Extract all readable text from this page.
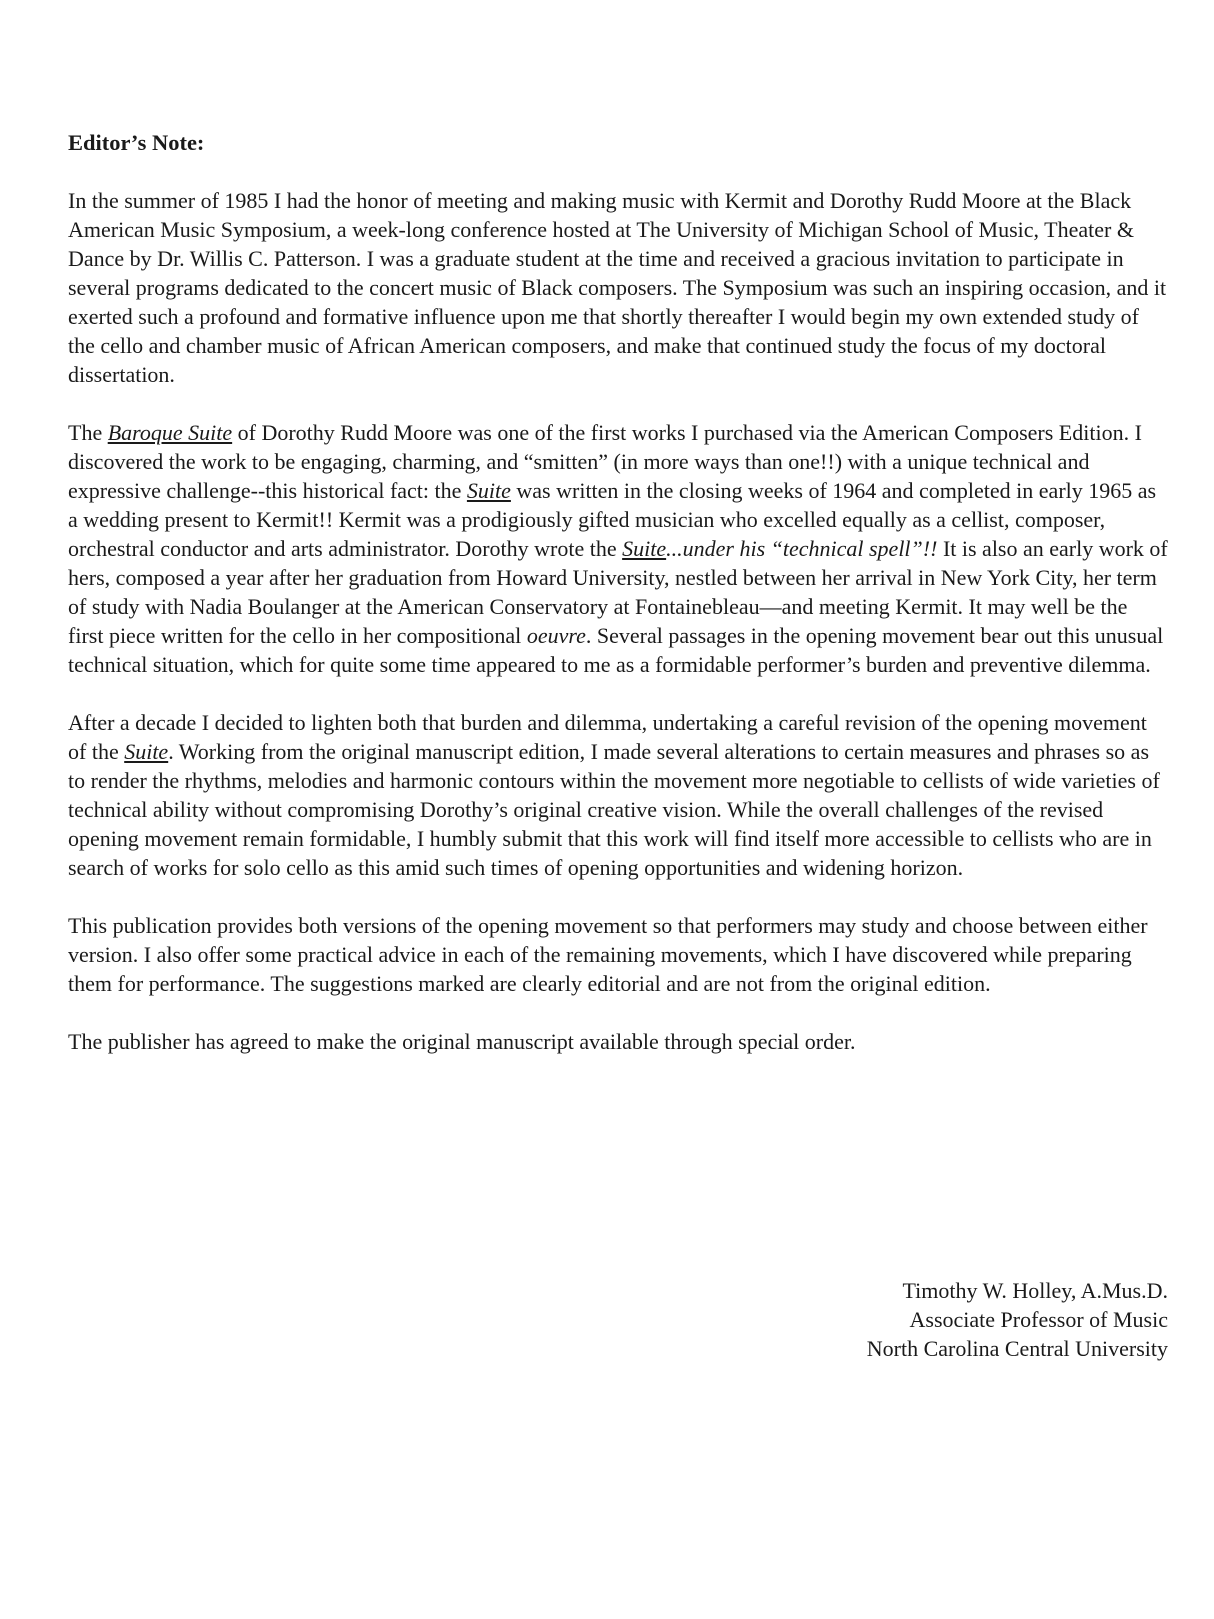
Editor’s Note:

In the summer of 1985 I had the honor of meeting and making music with Kermit and Dorothy Rudd Moore at the Black American Music Symposium, a week-long conference hosted at The University of Michigan School of Music, Theater & Dance by Dr. Willis C. Patterson. I was a graduate student at the time and received a gracious invitation to participate in several programs dedicated to the concert music of Black composers. The Symposium was such an inspiring occasion, and it exerted such a profound and formative influence upon me that shortly thereafter I would begin my own extended study of the cello and chamber music of African American composers, and make that continued study the focus of my doctoral dissertation.

The Baroque Suite of Dorothy Rudd Moore was one of the first works I purchased via the American Composers Edition. I discovered the work to be engaging, charming, and “smitten” (in more ways than one!!) with a unique technical and expressive challenge--this historical fact: the Suite was written in the closing weeks of 1964 and completed in early 1965 as a wedding present to Kermit!! Kermit was a prodigiously gifted musician who excelled equally as a cellist, composer, orchestral conductor and arts administrator. Dorothy wrote the Suite...under his “technical spell”!! It is also an early work of hers, composed a year after her graduation from Howard University, nestled between her arrival in New York City, her term of study with Nadia Boulanger at the American Conservatory at Fontainebleau—and meeting Kermit. It may well be the first piece written for the cello in her compositional oeuvre. Several passages in the opening movement bear out this unusual technical situation, which for quite some time appeared to me as a formidable performer’s burden and preventive dilemma.

After a decade I decided to lighten both that burden and dilemma, undertaking a careful revision of the opening movement of the Suite. Working from the original manuscript edition, I made several alterations to certain measures and phrases so as to render the rhythms, melodies and harmonic contours within the movement more negotiable to cellists of wide varieties of technical ability without compromising Dorothy’s original creative vision. While the overall challenges of the revised opening movement remain formidable, I humbly submit that this work will find itself more accessible to cellists who are in search of works for solo cello as this amid such times of opening opportunities and widening horizon.

This publication provides both versions of the opening movement so that performers may study and choose between either version. I also offer some practical advice in each of the remaining movements, which I have discovered while preparing them for performance. The suggestions marked are clearly editorial and are not from the original edition.

The publisher has agreed to make the original manuscript available through special order.

Timothy W. Holley, A.Mus.D.
Associate Professor of Music
North Carolina Central University
